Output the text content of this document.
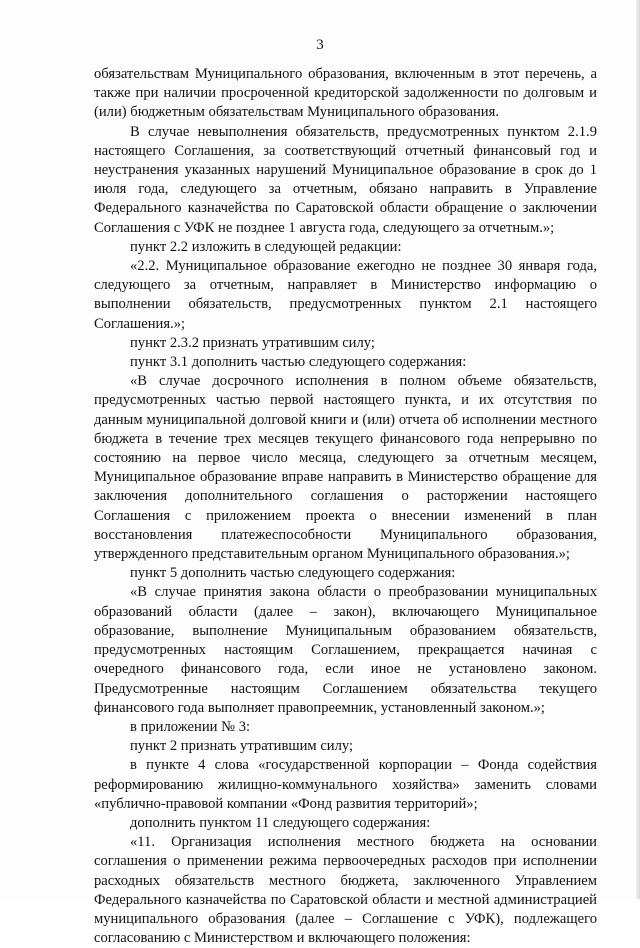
3

обязательствам Муниципального образования, включенным в этот перечень, а также при наличии просроченной кредиторской задолженности по долговым и (или) бюджетным обязательствам Муниципального образования.

В случае невыполнения обязательств, предусмотренных пунктом 2.1.9 настоящего Соглашения, за соответствующий отчетный финансовый год и неустранения указанных нарушений Муниципальное образование в срок до 1 июля года, следующего за отчетным, обязано направить в Управление Федерального казначейства по Саратовской области обращение о заключении Соглашения с УФК не позднее 1 августа года, следующего за отчетным.»;

пункт 2.2 изложить в следующей редакции:

«2.2. Муниципальное образование ежегодно не позднее 30 января года, следующего за отчетным, направляет в Министерство информацию о выполнении обязательств, предусмотренных пунктом 2.1 настоящего Соглашения.»;

пункт 2.3.2 признать утратившим силу;

пункт 3.1 дополнить частью следующего содержания:

«В случае досрочного исполнения в полном объеме обязательств, предусмотренных частью первой настоящего пункта, и их отсутствия по данным муниципальной долговой книги и (или) отчета об исполнении местного бюджета в течение трех месяцев текущего финансового года непрерывно по состоянию на первое число месяца, следующего за отчетным месяцем, Муниципальное образование вправе направить в Министерство обращение для заключения дополнительного соглашения о расторжении настоящего Соглашения с приложением проекта о внесении изменений в план восстановления платежеспособности Муниципального образования, утвержденного представительным органом Муниципального образования.»;

пункт 5 дополнить частью следующего содержания:

«В случае принятия закона области о преобразовании муниципальных образований области (далее – закон), включающего Муниципальное образование, выполнение Муниципальным образованием обязательств, предусмотренных настоящим Соглашением, прекращается начиная с очередного финансового года, если иное не установлено законом. Предусмотренные настоящим Соглашением обязательства текущего финансового года выполняет правопреемник, установленный законом.»;

в приложении № 3:

пункт 2 признать утратившим силу;

в пункте 4 слова «государственной корпорации – Фонда содействия реформированию жилищно-коммунального хозяйства» заменить словами «публично-правовой компании «Фонд развития территорий»;

дополнить пунктом 11 следующего содержания:

«11. Организация исполнения местного бюджета на основании соглашения о применении режима первоочередных расходов при исполнении расходных обязательств местного бюджета, заключенного Управлением Федерального казначейства по Саратовской области и местной администрацией муниципального образования (далее – Соглашение с УФК), подлежащего согласованию с Министерством и включающего положения:
